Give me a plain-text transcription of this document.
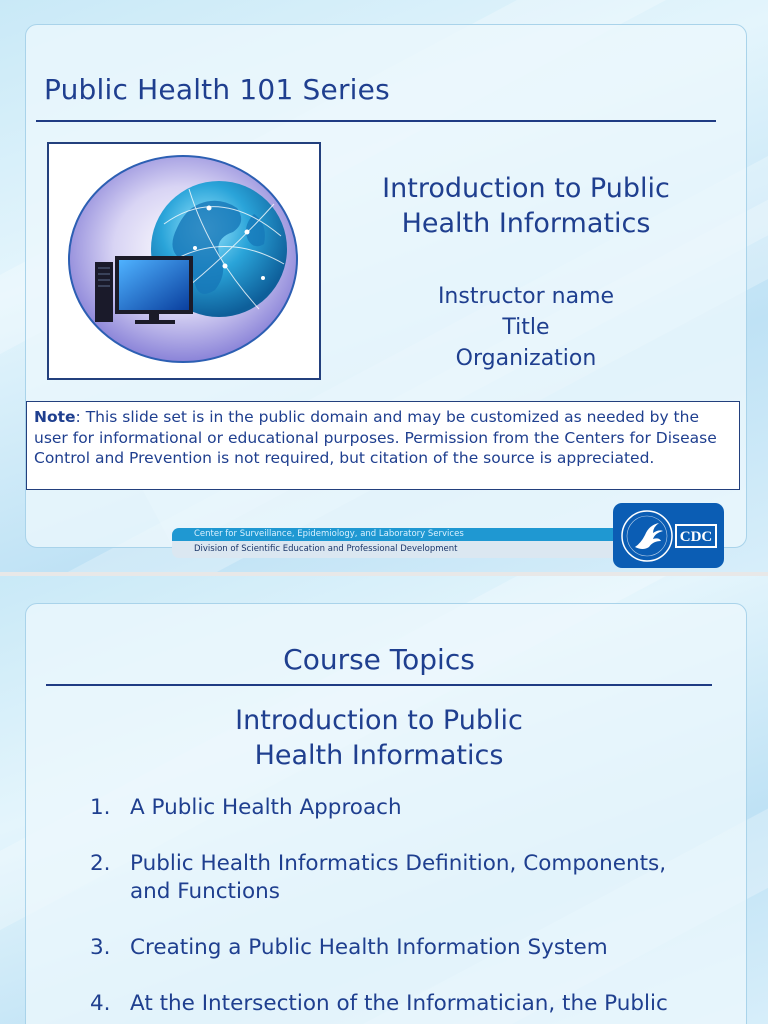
Public Health 101 Series
Introduction to Public
Health Informatics
Instructor name
Title
Organization
Note: This slide set is in the public domain and may be customized as needed by the user for informational or educational purposes. Permission from the Centers for Disease Control and Prevention is not required, but citation of the source is appreciated.
Center for Surveillance, Epidemiology, and Laboratory Services
Division of Scientific Education and Professional Development
CDC
Course Topics
Introduction to Public
Health Informatics
1. A Public Health Approach
2. Public Health Informatics Definition, Components, and Functions
3. Creating a Public Health Information System
4. At the Intersection of the Informatician, the Public
